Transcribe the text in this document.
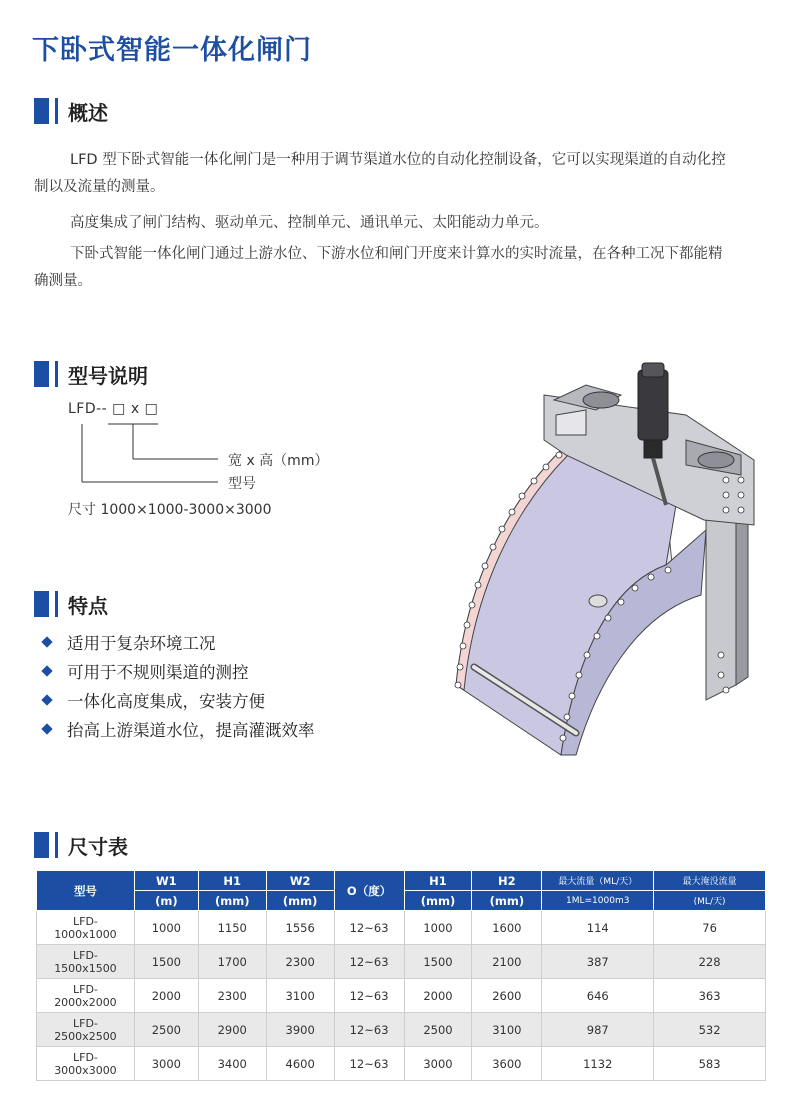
下卧式智能一体化闸门
概述
LFD 型下卧式智能一体化闸门是一种用于调节渠道水位的自动化控制设备，它可以实现渠道的自动化控
制以及流量的测量。
高度集成了闸门结构、驱动单元、控制单元、通讯单元、太阳能动力单元。
下卧式智能一体化闸门通过上游水位、下游水位和闸门开度来计算水的实时流量，在各种工况下都能精
确测量。
型号说明
LFD-- □ x □
宽 x 高（mm）
型号
尺寸 1000×1000-3000×3000
特点
适用于复杂环境工况
可用于不规则渠道的测控
一体化高度集成，安装方便
抬高上游渠道水位，提高灌溉效率
尺寸表
型号	W1	H1	W2	O（度）	H1	H2	最大流量（ML/天）	最大淹没流量
	(m)	(mm)	(mm)		(mm)	(mm)	1ML=1000m3	(ML/天)
LFD-
1000x1000	1000	1150	1556	12~63	1000	1600	114	76
LFD-
1500x1500	1500	1700	2300	12~63	1500	2100	387	228
LFD-
2000x2000	2000	2300	3100	12~63	2000	2600	646	363
LFD-
2500x2500	2500	2900	3900	12~63	2500	3100	987	532
LFD-
3000x3000	3000	3400	4600	12~63	3000	3600	1132	583
